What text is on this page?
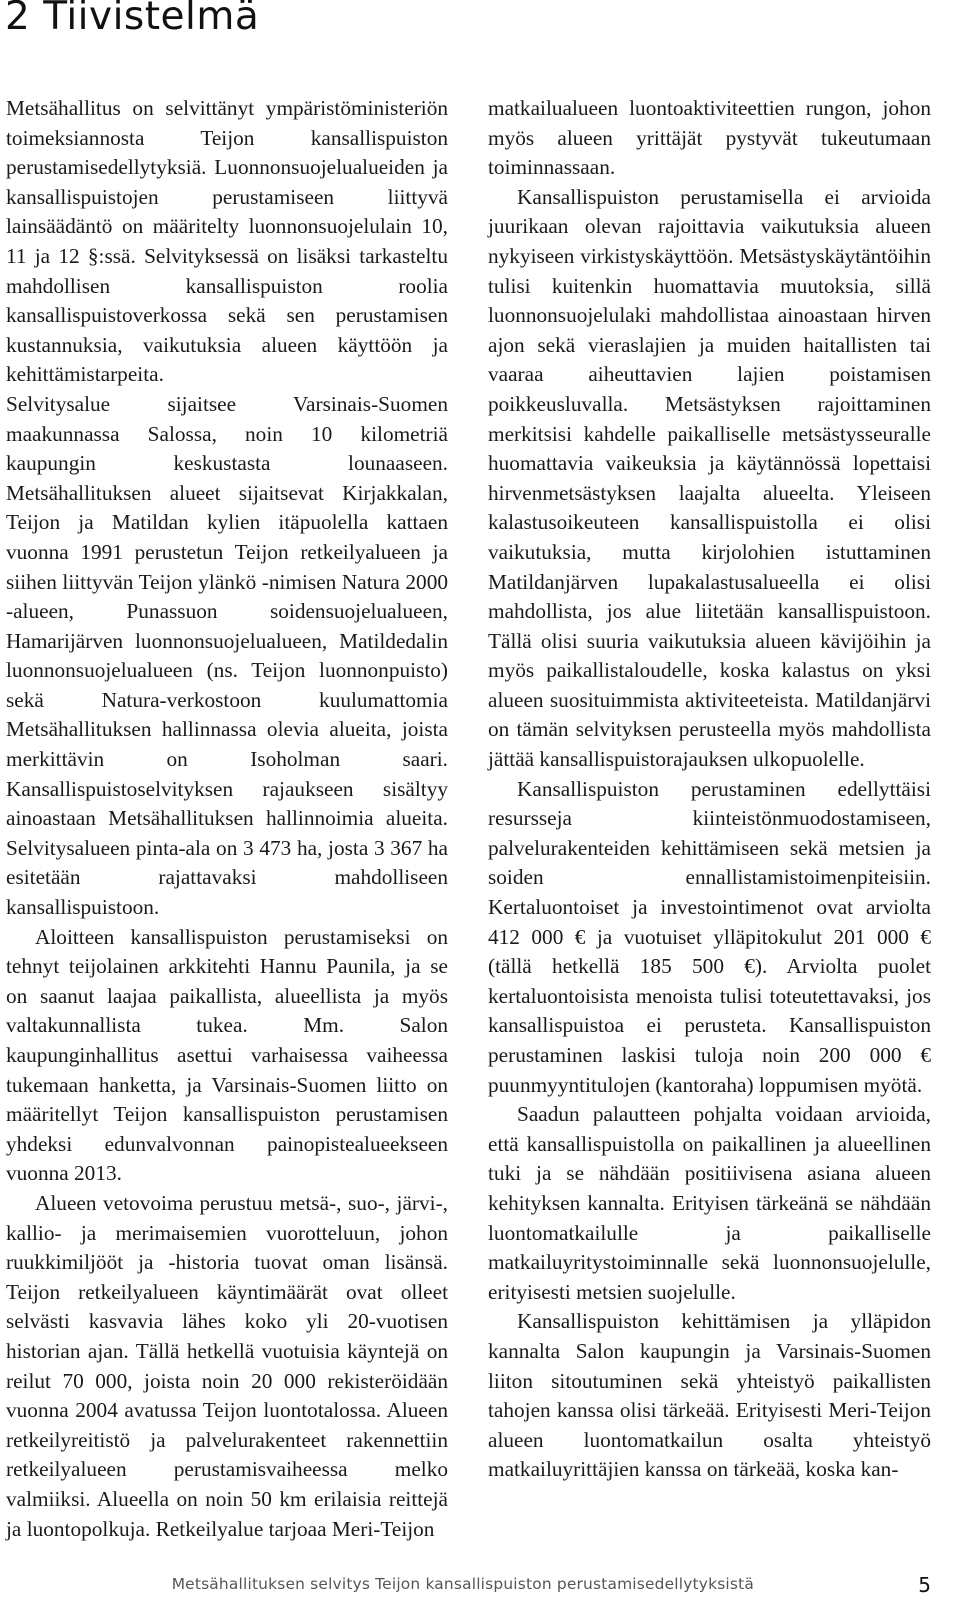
2 Tiivistelmä

Metsähallitus on selvittänyt ympäristöministeriön toimeksiannosta Teijon kansallispuiston perustamisedellytyksiä. Luonnonsuojelualueiden ja kansallispuistojen perustamiseen liittyvä lainsäädäntö on määritelty luonnonsuojelulain 10, 11 ja 12 §:ssä. Selvityksessä on lisäksi tarkasteltu mahdollisen kansallispuiston roolia kansallispuistoverkossa sekä sen perustamisen kustannuksia, vaikutuksia alueen käyttöön ja kehittämistarpeita.

Selvitysalue sijaitsee Varsinais-Suomen maakunnassa Salossa, noin 10 kilometriä kaupungin keskustasta lounaaseen. Metsähallituksen alueet sijaitsevat Kirjakkalan, Teijon ja Matildan kylien itäpuolella kattaen vuonna 1991 perustetun Teijon retkeilyalueen ja siihen liittyvän Teijon ylänkö -nimisen Natura 2000 -alueen, Punassuon soidensuojelualueen, Hamarijärven luonnonsuojelualueen, Matildedalin luonnonsuojelualueen (ns. Teijon luonnonpuisto) sekä Natura-verkostoon kuulumattomia Metsähallituksen hallinnassa olevia alueita, joista merkittävin on Isoholman saari. Kansallispuistoselvityksen rajaukseen sisältyy ainoastaan Metsähallituksen hallinnoimia alueita. Selvitysalueen pinta-ala on 3 473 ha, josta 3 367 ha esitetään rajattavaksi mahdolliseen kansallispuistoon.

Aloitteen kansallispuiston perustamiseksi on tehnyt teijolainen arkkitehti Hannu Paunila, ja se on saanut laajaa paikallista, alueellista ja myös valtakunnallista tukea. Mm. Salon kaupunginhallitus asettui varhaisessa vaiheessa tukemaan hanketta, ja Varsinais-Suomen liitto on määritellyt Teijon kansallispuiston perustamisen yhdeksi edunvalvonnan painopistealueekseen vuonna 2013.

Alueen vetovoima perustuu metsä-, suo-, järvi-, kallio- ja merimaisemien vuorotteluun, johon ruukkimiljööt ja -historia tuovat oman lisänsä. Teijon retkeilyalueen käyntimäärät ovat olleet selvästi kasvavia lähes koko yli 20-vuotisen historian ajan. Tällä hetkellä vuotuisia käyntejä on reilut 70 000, joista noin 20 000 rekisteröidään vuonna 2004 avatussa Teijon luontotalossa. Alueen retkeilyreitistö ja palvelurakenteet rakennettiin retkeilyalueen perustamisvaiheessa melko valmiiksi. Alueella on noin 50 km erilaisia reittejä ja luontopolkuja. Retkeilyalue tarjoaa Meri-Teijon

matkailualueen luontoaktiviteettien rungon, johon myös alueen yrittäjät pystyvät tukeutumaan toiminnassaan.

Kansallispuiston perustamisella ei arvioida juurikaan olevan rajoittavia vaikutuksia alueen nykyiseen virkistyskäyttöön. Metsästyskäytäntöihin tulisi kuitenkin huomattavia muutoksia, sillä luonnonsuojelulaki mahdollistaa ainoastaan hirven ajon sekä vieraslajien ja muiden haitallisten tai vaaraa aiheuttavien lajien poistamisen poikkeusluvalla. Metsästyksen rajoittaminen merkitsisi kahdelle paikalliselle metsästysseuralle huomattavia vaikeuksia ja käytännössä lopettaisi hirvenmetsästyksen laajalta alueelta. Yleiseen kalastusoikeuteen kansallispuistolla ei olisi vaikutuksia, mutta kirjolohien istuttaminen Matildanjärven lupakalastusalueella ei olisi mahdollista, jos alue liitetään kansallispuistoon. Tällä olisi suuria vaikutuksia alueen kävijöihin ja myös paikallistaloudelle, koska kalastus on yksi alueen suosituimmista aktiviteeteista. Matildanjärvi on tämän selvityksen perusteella myös mahdollista jättää kansallispuistorajauksen ulkopuolelle.

Kansallispuiston perustaminen edellyttäisi resursseja kiinteistönmuodostamiseen, palvelurakenteiden kehittämiseen sekä metsien ja soiden ennallistamistoimenpiteisiin. Kertaluontoiset ja investointimenot ovat arviolta 412 000 € ja vuotuiset ylläpitokulut 201 000 € (tällä hetkellä 185 500 €). Arviolta puolet kertaluontoisista menoista tulisi toteutettavaksi, jos kansallispuistoa ei perusteta. Kansallispuiston perustaminen laskisi tuloja noin 200 000 € puunmyyntitulojen (kantoraha) loppumisen myötä.

Saadun palautteen pohjalta voidaan arvioida, että kansallispuistolla on paikallinen ja alueellinen tuki ja se nähdään positiivisena asiana alueen kehityksen kannalta. Erityisen tärkeänä se nähdään luontomatkailulle ja paikalliselle matkailuyritystoiminnalle sekä luonnonsuojelulle, erityisesti metsien suojelulle.

Kansallispuiston kehittämisen ja ylläpidon kannalta Salon kaupungin ja Varsinais-Suomen liiton sitoutuminen sekä yhteistyö paikallisten tahojen kanssa olisi tärkeää. Erityisesti Meri-Teijon alueen luontomatkailun osalta yhteistyö matkailuyrittäjien kanssa on tärkeää, koska kan-

Metsähallituksen selvitys Teijon kansallispuiston perustamisedellytyksistä	5
